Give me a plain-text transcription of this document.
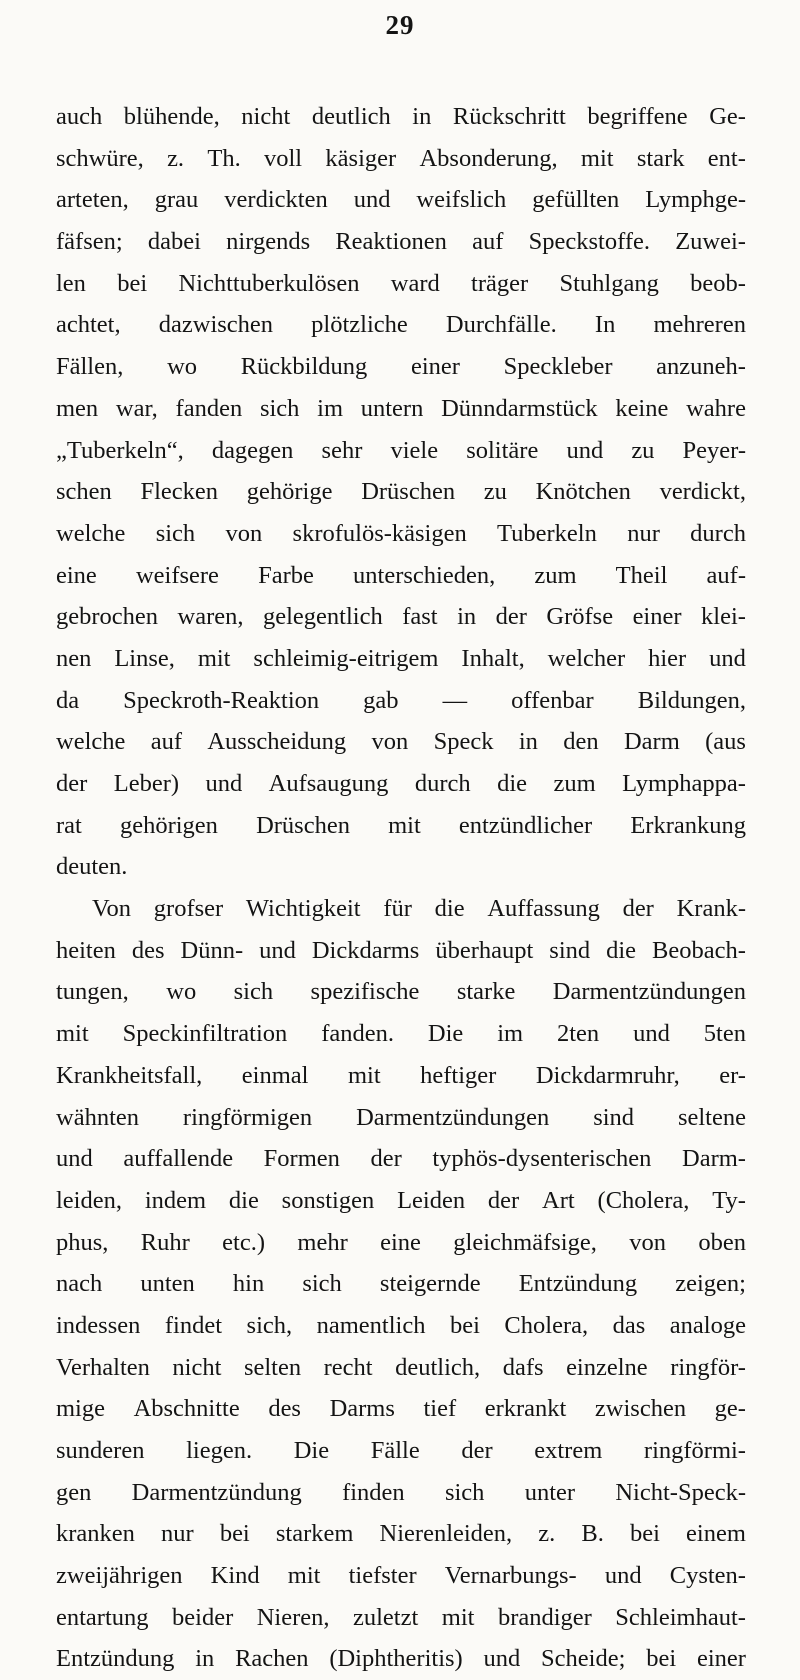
29
auch blühende, nicht deutlich in Rückschritt begriffene Ge-
schwüre, z. Th. voll käsiger Absonderung, mit stark ent-
arteten, grau verdickten und weifslich gefüllten Lymphge-
fäfsen; dabei nirgends Reaktionen auf Speckstoffe. Zuwei-
len bei Nichttuberkulösen ward träger Stuhlgang beob-
achtet, dazwischen plötzliche Durchfälle. In mehreren
Fällen, wo Rückbildung einer Speckleber anzuneh-
men war, fanden sich im untern Dünndarmstück keine wahre
„Tuberkeln“, dagegen sehr viele solitäre und zu Peyer-
schen Flecken gehörige Drüschen zu Knötchen verdickt,
welche sich von skrofulös-käsigen Tuberkeln nur durch
eine weifsere Farbe unterschieden, zum Theil auf-
gebrochen waren, gelegentlich fast in der Gröfse einer klei-
nen Linse, mit schleimig-eitrigem Inhalt, welcher hier und
da Speckroth-Reaktion gab — offenbar Bildungen,
welche auf Ausscheidung von Speck in den Darm (aus
der Leber) und Aufsaugung durch die zum Lymphappa-
rat gehörigen Drüschen mit entzündlicher Erkrankung
deuten.
Von grofser Wichtigkeit für die Auffassung der Krank-
heiten des Dünn- und Dickdarms überhaupt sind die Beobach-
tungen, wo sich spezifische starke Darmentzündungen
mit Speckinfiltration fanden. Die im 2ten und 5ten
Krankheitsfall, einmal mit heftiger Dickdarmruhr, er-
wähnten ringförmigen Darmentzündungen sind seltene
und auffallende Formen der typhös-dysenterischen Darm-
leiden, indem die sonstigen Leiden der Art (Cholera, Ty-
phus, Ruhr etc.) mehr eine gleichmäfsige, von oben
nach unten hin sich steigernde Entzündung zeigen;
indessen findet sich, namentlich bei Cholera, das analoge
Verhalten nicht selten recht deutlich, dafs einzelne ringför-
mige Abschnitte des Darms tief erkrankt zwischen ge-
sunderen liegen. Die Fälle der extrem ringförmi-
gen Darmentzündung finden sich unter Nicht-Speck-
kranken nur bei starkem Nierenleiden, z. B. bei einem
zweijährigen Kind mit tiefster Vernarbungs- und Cysten-
entartung beider Nieren, zuletzt mit brandiger Schleimhaut-
Entzündung in Rachen (Diphtheritis) und Scheide; bei einer
